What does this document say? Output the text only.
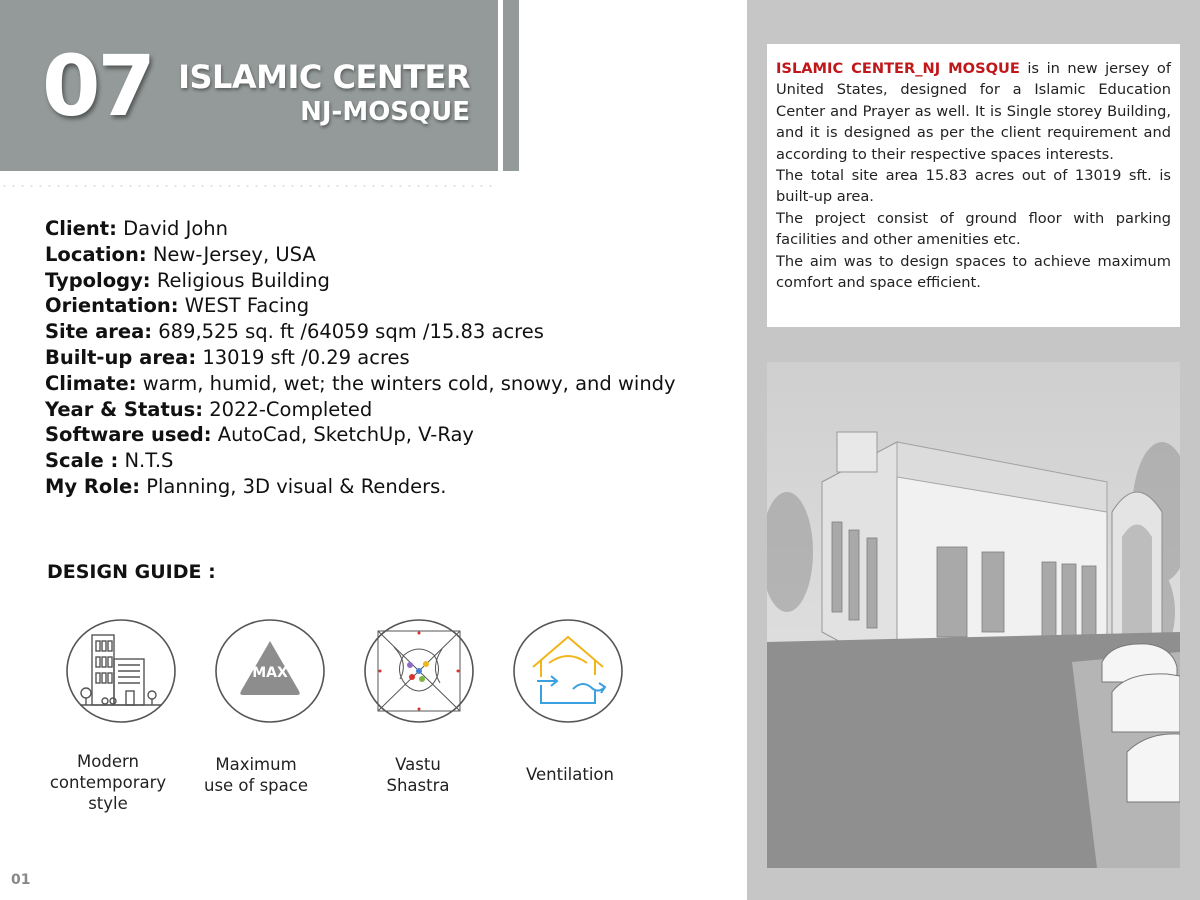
07 ISLAMIC CENTER
NJ-MOSQUE
Client: David John
Location: New-Jersey, USA
Typology: Religious Building
Orientation: WEST Facing
Site area: 689,525 sq. ft /64059 sqm /15.83 acres
Built-up area: 13019 sft /0.29 acres
Climate: warm, humid, wet; the winters cold, snowy, and windy
Year & Status: 2022-Completed
Software used: AutoCad, SketchUp, V-Ray
Scale : N.T.S
My Role: Planning, 3D visual & Renders.
DESIGN GUIDE :
MAX
Modern
contemporary
style
Maximum
use of space
Vastu
Shastra
Ventilation
01

ISLAMIC CENTER_NJ MOSQUE is in new jersey of United States, designed for a Islamic Education Center and Prayer as well. It is Single storey Building, and it is designed as per the client requirement and according to their respective spaces interests.

The total site area 15.83 acres out of 13019 sft. is built-up area.

The project consist of ground floor with parking facilities and other amenities etc.

The aim was to design spaces to achieve maximum comfort and space efficient.
